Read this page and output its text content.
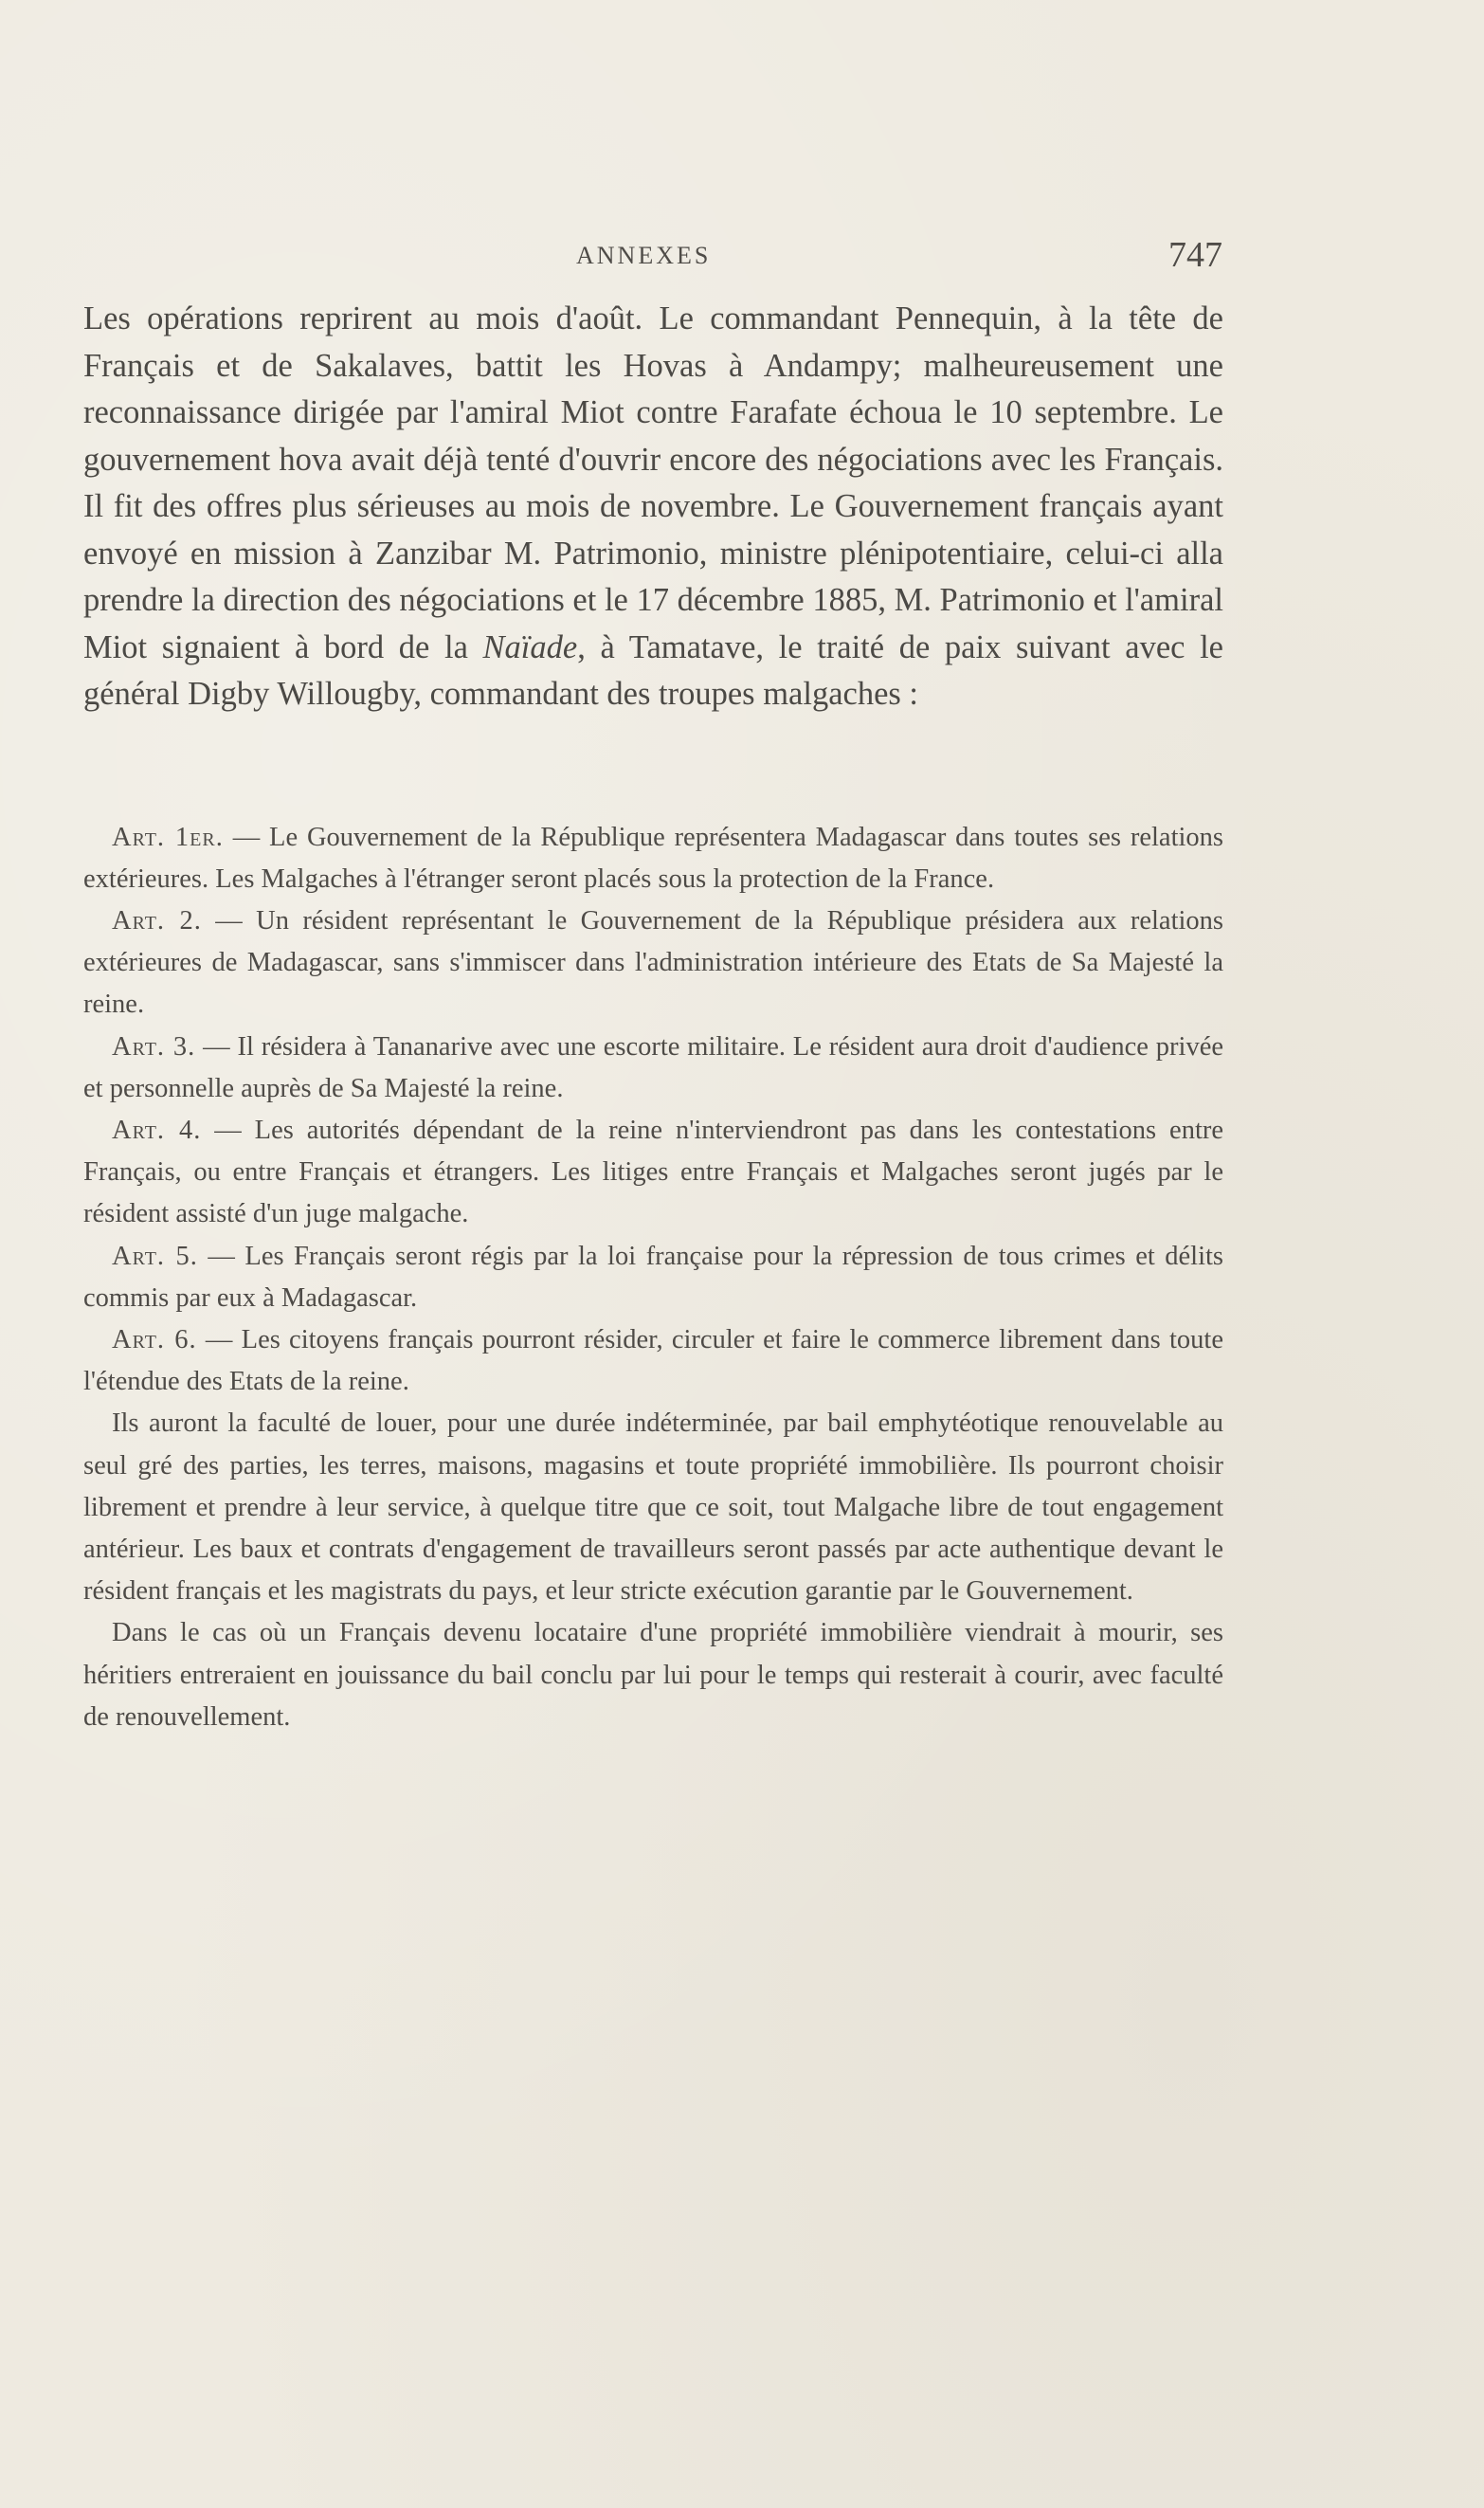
ANNEXES	747

Les opérations reprirent au mois d'août. Le commandant Pennequin, à la tête de Français et de Sakalaves, battit les Hovas à Andampy; malheureusement une reconnaissance dirigée par l'amiral Miot contre Farafate échoua le 10 septembre. Le gouvernement hova avait déjà tenté d'ouvrir encore des négociations avec les Français. Il fit des offres plus sérieuses au mois de novembre. Le Gouvernement français ayant envoyé en mission à Zanzibar M. Patrimonio, ministre plénipotentiaire, celui-ci alla prendre la direction des négociations et le 17 décembre 1885, M. Patrimonio et l'amiral Miot signaient à bord de la Naïade, à Tamatave, le traité de paix suivant avec le général Digby Willougby, commandant des troupes malgaches :

Art. 1er. — Le Gouvernement de la République représentera Madagascar dans toutes ses relations extérieures. Les Malgaches à l'étranger seront placés sous la protection de la France.

Art. 2. — Un résident représentant le Gouvernement de la République présidera aux relations extérieures de Madagascar, sans s'immiscer dans l'administration intérieure des Etats de Sa Majesté la reine.

Art. 3. — Il résidera à Tananarive avec une escorte militaire. Le résident aura droit d'audience privée et personnelle auprès de Sa Majesté la reine.

Art. 4. — Les autorités dépendant de la reine n'interviendront pas dans les contestations entre Français, ou entre Français et étrangers. Les litiges entre Français et Malgaches seront jugés par le résident assisté d'un juge malgache.

Art. 5. — Les Français seront régis par la loi française pour la répression de tous crimes et délits commis par eux à Madagascar.

Art. 6. — Les citoyens français pourront résider, circuler et faire le commerce librement dans toute l'étendue des Etats de la reine.

Ils auront la faculté de louer, pour une durée indéterminée, par bail emphytéotique renouvelable au seul gré des parties, les terres, maisons, magasins et toute propriété immobilière. Ils pourront choisir librement et prendre à leur service, à quelque titre que ce soit, tout Malgache libre de tout engagement antérieur. Les baux et contrats d'engagement de travailleurs seront passés par acte authentique devant le résident français et les magistrats du pays, et leur stricte exécution garantie par le Gouvernement.

Dans le cas où un Français devenu locataire d'une propriété immobilière viendrait à mourir, ses héritiers entreraient en jouissance du bail conclu par lui pour le temps qui resterait à courir, avec faculté de renouvellement.
